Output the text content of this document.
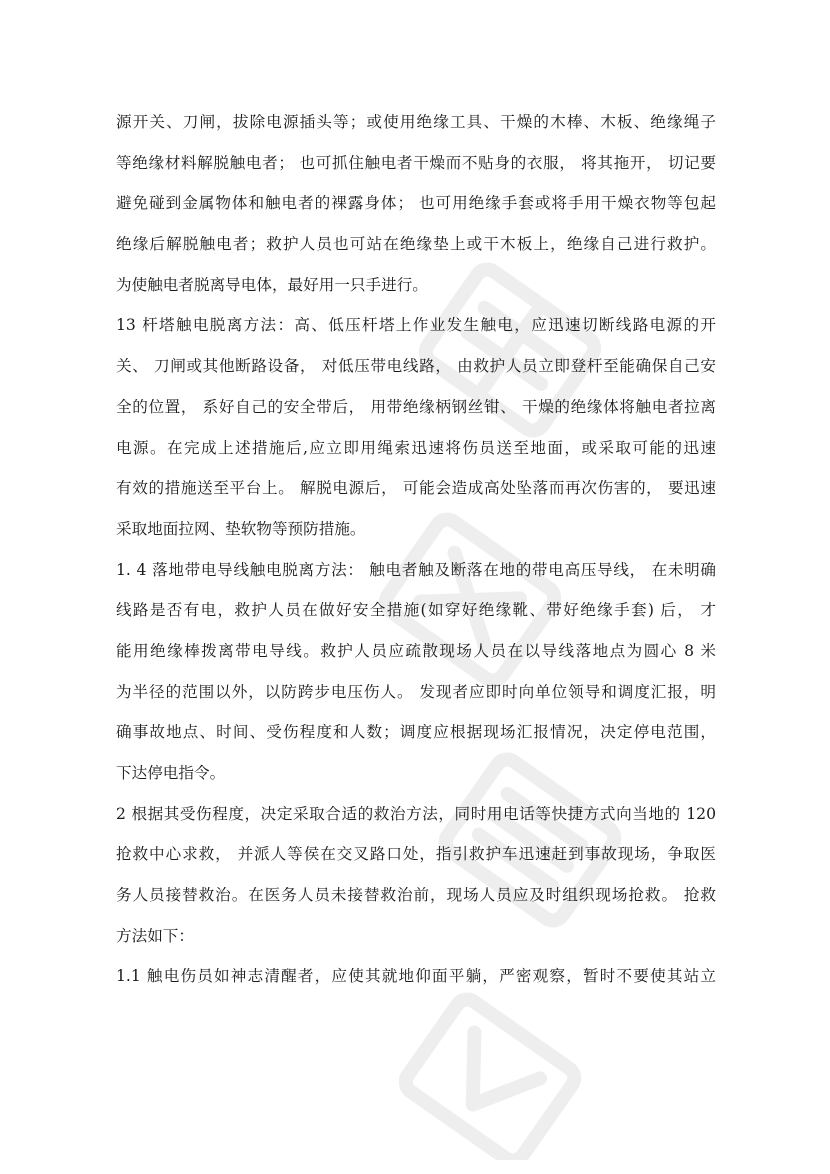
源开关、刀闸，拔除电源插头等；或使用绝缘工具、干燥的木棒、木板、绝缘绳子
等绝缘材料解脱触电者； 也可抓住触电者干燥而不贴身的衣服， 将其拖开， 切记要
避免碰到金属物体和触电者的裸露身体； 也可用绝缘手套或将手用干燥衣物等包起
绝缘后解脱触电者；救护人员也可站在绝缘垫上或干木板上，绝缘自己进行救护。
为使触电者脱离导电体，最好用一只手进行。

13 杆塔触电脱离方法：高、低压杆塔上作业发生触电，应迅速切断线路电源的开
关、 刀闸或其他断路设备， 对低压带电线路， 由救护人员立即登杆至能确保自己安
全的位置， 系好自己的安全带后， 用带绝缘柄钢丝钳、 干燥的绝缘体将触电者拉离
电源。在完成上述措施后,应立即用绳索迅速将伤员送至地面，或采取可能的迅速
有效的措施送至平台上。 解脱电源后， 可能会造成高处坠落而再次伤害的， 要迅速
采取地面拉网、垫软物等预防措施。

1. 4 落地带电导线触电脱离方法： 触电者触及断落在地的带电高压导线， 在未明确
线路是否有电，救护人员在做好安全措施(如穿好绝缘靴、带好绝缘手套) 后， 才
能用绝缘棒拨离带电导线。救护人员应疏散现场人员在以导线落地点为圆心 8 米
为半径的范围以外，以防跨步电压伤人。 发现者应即时向单位领导和调度汇报，明
确事故地点、时间、受伤程度和人数；调度应根据现场汇报情况，决定停电范围，
下达停电指令。

2 根据其受伤程度，决定采取合适的救治方法，同时用电话等快捷方式向当地的 120
抢救中心求救， 并派人等侯在交叉路口处，指引救护车迅速赶到事故现场，争取医
务人员接替救治。在医务人员未接替救治前，现场人员应及时组织现场抢救。 抢救
方法如下：

1.1 触电伤员如神志清醒者，应使其就地仰面平躺，严密观察，暂时不要使其站立
